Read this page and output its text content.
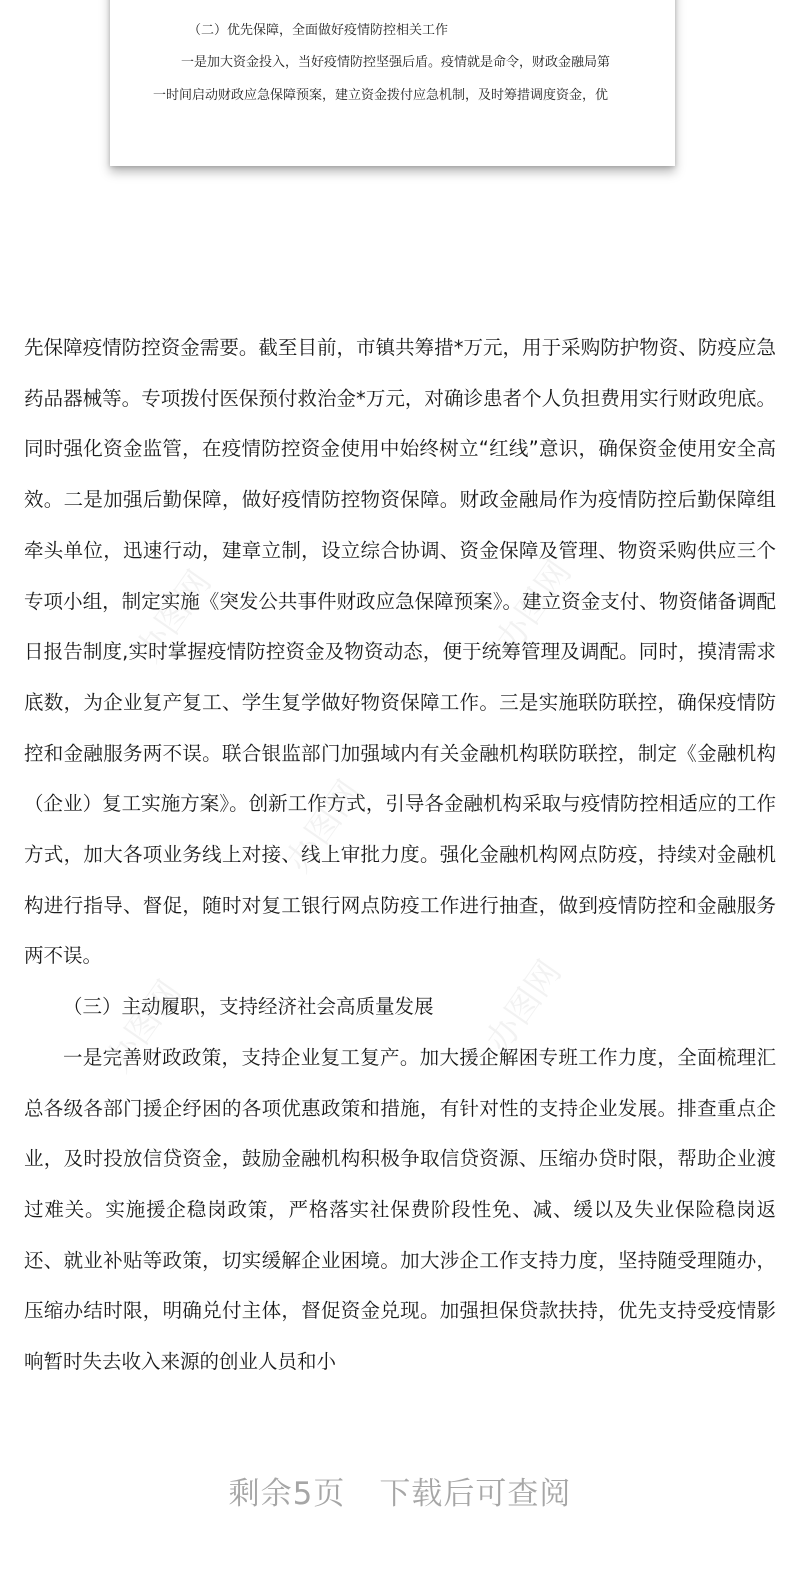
（二）优先保障，全面做好疫情防控相关工作

一是加大资金投入，当好疫情防控坚强后盾。疫情就是命令，财政金融局第

一时间启动财政应急保障预案，建立资金拨付应急机制，及时筹措调度资金，优

先保障疫情防控资金需要。截至目前，市镇共筹措*万元，用于采购防护物资、防疫应急药品器械等。专项拨付医保预付救治金*万元，对确诊患者个人负担费用实行财政兜底。同时强化资金监管，在疫情防控资金使用中始终树立“红线”意识，确保资金使用安全高效。二是加强后勤保障，做好疫情防控物资保障。财政金融局作为疫情防控后勤保障组牵头单位，迅速行动，建章立制，设立综合协调、资金保障及管理、物资采购供应三个专项小组，制定实施《突发公共事件财政应急保障预案》。建立资金支付、物资储备调配日报告制度,实时掌握疫情防控资金及物资动态，便于统筹管理及调配。同时，摸清需求底数，为企业复产复工、学生复学做好物资保障工作。三是实施联防联控，确保疫情防控和金融服务两不误。联合银监部门加强域内有关金融机构联防联控，制定《金融机构（企业）复工实施方案》。创新工作方式，引导各金融机构采取与疫情防控相适应的工作方式，加大各项业务线上对接、线上审批力度。强化金融机构网点防疫，持续对金融机构进行指导、督促，随时对复工银行网点防疫工作进行抽查，做到疫情防控和金融服务两不误。

（三）主动履职，支持经济社会高质量发展

一是完善财政政策，支持企业复工复产。加大援企解困专班工作力度，全面梳理汇总各级各部门援企纾困的各项优惠政策和措施，有针对性的支持企业发展。排查重点企业，及时投放信贷资金，鼓励金融机构积极争取信贷资源、压缩办贷时限，帮助企业渡过难关。实施援企稳岗政策，严格落实社保费阶段性免、减、缓以及失业保险稳岗返还、就业补贴等政策，切实缓解企业困境。加大涉企工作支持力度，坚持随受理随办，压缩办结时限，明确兑付主体，督促资金兑现。加强担保贷款扶持，优先支持受疫情影响暂时失去收入来源的创业人员和小

办图网	办图网
办图网
办图网	办图网
剩余5页 下载后可查阅
